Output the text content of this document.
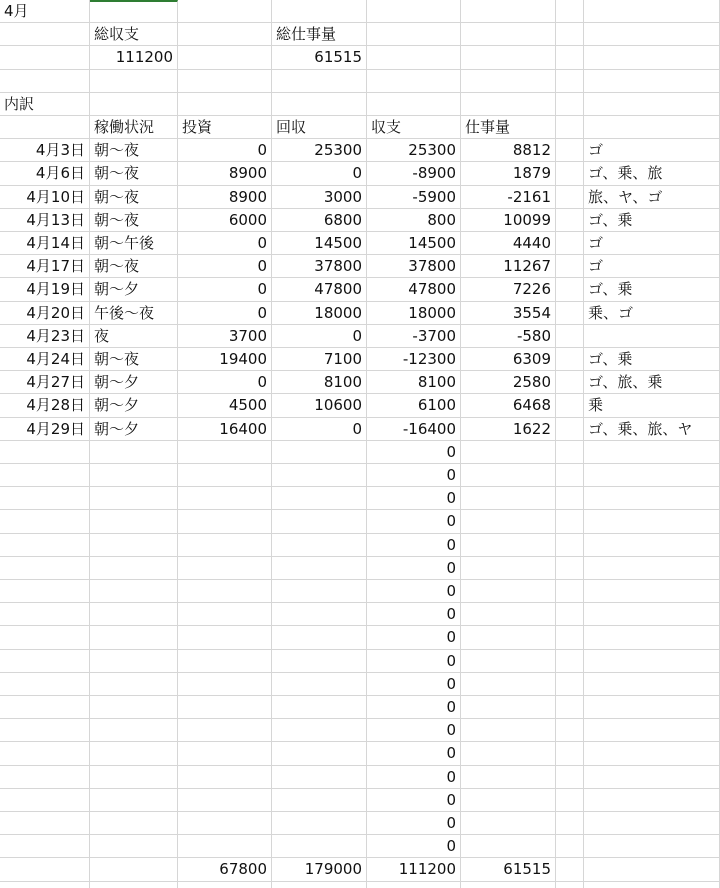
4月
総収支	総仕事量
111200	61515
内訳
稼働状況	投資	回収	収支	仕事量
4月3日 朝～夜	0	25300	25300	8812	ゴ
4月6日 朝～夜	8900	0	-8900	1879	ゴ、乗、旅
4月10日 朝～夜	8900	3000	-5900	-2161	旅、ヤ、ゴ
4月13日 朝～夜	6000	6800	800	10099	ゴ、乗
4月14日 朝～午後	0	14500	14500	4440	ゴ
4月17日 朝～夜	0	37800	37800	11267	ゴ
4月19日 朝～夕	0	47800	47800	7226	ゴ、乗
4月20日 午後～夜	0	18000	18000	3554	乗、ゴ
4月23日 夜	3700	0	-3700	-580
4月24日 朝～夜	19400	7100	-12300	6309	ゴ、乗
4月27日 朝～夕	0	8100	8100	2580	ゴ、旅、乗
4月28日 朝～夕	4500	10600	6100	6468	乗
4月29日 朝～夕	16400	0	-16400	1622	ゴ、乗、旅、ヤ
0
0
0
0
0
0
0
0
0
0
0
0
0
0
0
0
0
0
67800	179000	111200	61515
